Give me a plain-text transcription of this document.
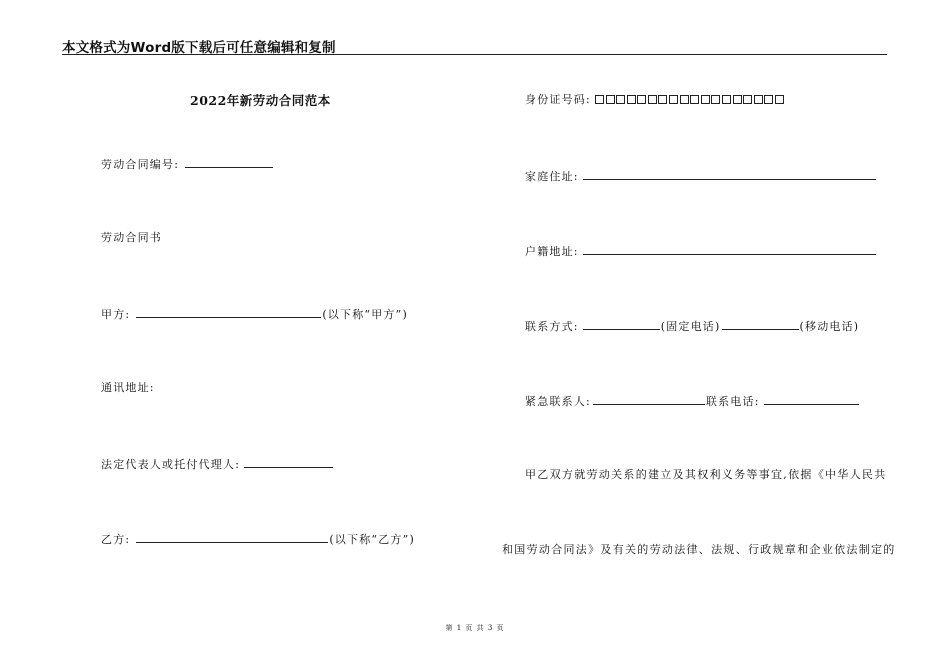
本文格式为Word版下载后可任意编辑和复制
2022年新劳动合同范本
劳动合同编号:
劳动合同书
甲方:	(以下称“甲方”)
通讯地址:
法定代表人或托付代理人:
乙方:	(以下称“乙方”)
身份证号码:
家庭住址:
户籍地址:
联系方式:	(固定电话)	(移动电话)
紧急联系人:	联系电话:
甲乙双方就劳动关系的建立及其权利义务等事宜,依据《中华人民共
和国劳动合同法》及有关的劳动法律、法规、行政规章和企业依法制定的
第 1 页 共 3 页
